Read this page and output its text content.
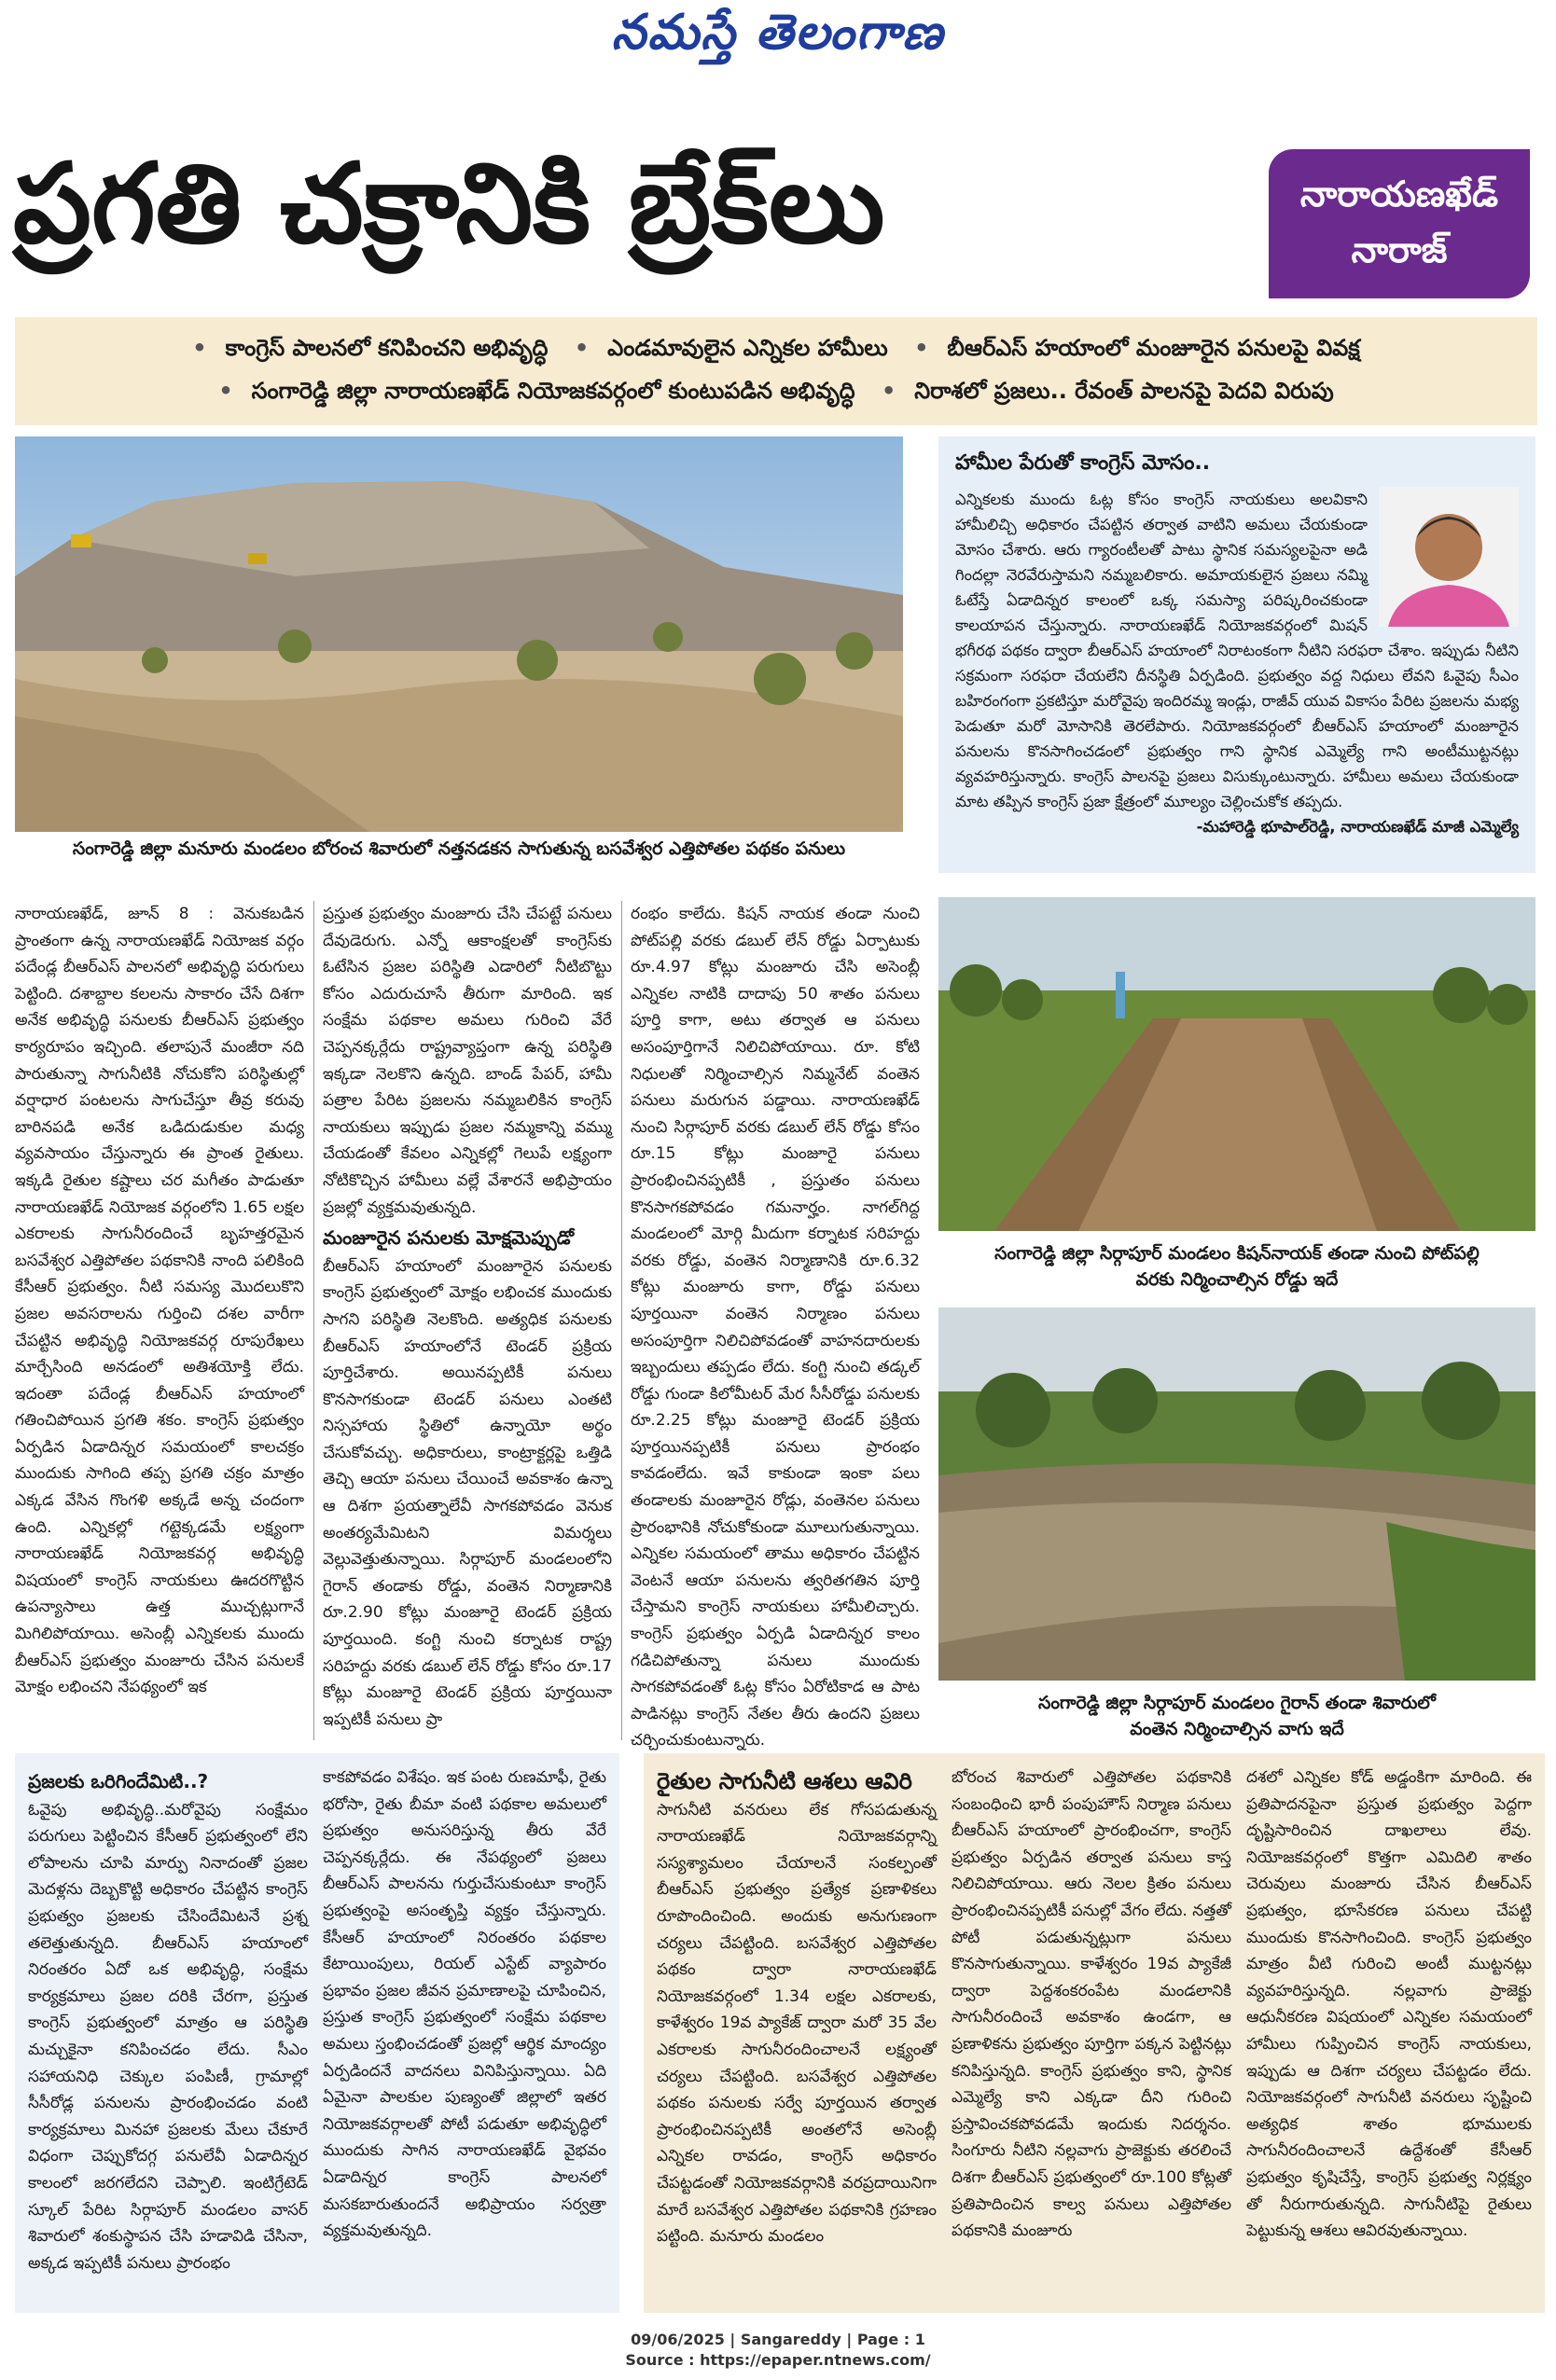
నమస్తే తెలంగాణ
ప్రగతి చక్రానికి బ్రేక్‌లు	నారాయణఖేడ్
నారాజ్
• కాంగ్రెస్ పాలనలో కనిపించని అభివృద్ధి • ఎండమావులైన ఎన్నికల హామీలు • బీఆర్ఎస్ హయాంలో మంజూరైన పనులపై వివక్ష
• సంగారెడ్డి జిల్లా నారాయణఖేడ్ నియోజకవర్గంలో కుంటుపడిన అభివృద్ధి • నిరాశలో ప్రజలు.. రేవంత్ పాలనపై పెదవి విరుపు
సంగారెడ్డి జిల్లా మనూరు మండలం బోరంచ శివారులో నత్తనడకన సాగుతున్న బసవేశ్వర ఎత్తిపోతల పథకం పనులు
హామీల పేరుతో కాంగ్రెస్ మోసం..
ఎన్నికలకు ముందు ఓట్ల కోసం కాంగ్రెస్ నాయకులు అలవికాని హామీలిచ్చి అధికారం చేపట్టిన తర్వాత వాటిని అమలు చేయకుండా మోసం చేశారు. ఆరు గ్యారంటీలతో పాటు స్థానిక సమస్యలపైనా అడి గిందల్లా నెరవేరుస్తామని నమ్మబలికారు. అమాయకులైన ప్రజలు నమ్మి ఓటేస్తే ఏడాదిన్నర కాలంలో ఒక్క సమస్యా పరిష్కరించకుండా కాలయాపన చేస్తున్నారు. నారాయణఖేడ్ నియోజకవర్గంలో మిషన్ భగీరథ పథకం ద్వారా బీఆర్ఎస్ హయాంలో నిరాటంకంగా నీటిని సరఫరా చేశాం. ఇప్పుడు నీటిని సక్రమంగా సరఫరా చేయలేని దీనస్థితి ఏర్పడింది. ప్రభుత్వం వద్ద నిధులు లేవని ఓవైపు సీఎం బహిరంగంగా ప్రకటిస్తూ మరోవైపు ఇందిరమ్మ ఇండ్లు, రాజీవ్ యువ వికాసం పేరిట ప్రజలను మభ్య పెడుతూ మరో మోసానికి తెరలేపారు. నియోజకవర్గంలో బీఆర్ఎస్ హయాంలో మంజూరైన పనులను కొనసాగించడంలో ప్రభుత్వం గాని స్థానిక ఎమ్మెల్యే గాని అంటీముట్టనట్లు వ్యవహరిస్తున్నారు. కాంగ్రెస్ పాలనపై ప్రజలు విసుక్కుంటున్నారు. హామీలు అమలు చేయకుండా మాట తప్పిన కాంగ్రెస్ ప్రజా క్షేత్రంలో మూల్యం చెల్లించుకోక తప్పదు.
-మహారెడ్డి భూపాల్‌రెడ్డి, నారాయణఖేడ్ మాజీ ఎమ్మెల్యే

నారాయణఖేడ్, జూన్ 8 : వెనుకబడిన ప్రాంతంగా ఉన్న నారాయణఖేడ్ నియోజక వర్గం పదేండ్ల బీఆర్ఎస్ పాలనలో అభివృద్ధి పరుగులు పెట్టింది. దశాబ్దాల కలలను సాకారం చేసే దిశగా అనేక అభివృద్ధి పనులకు బీఆర్ఎస్ ప్రభుత్వం కార్యరూపం ఇచ్చింది. తలాపునే మంజీరా నది పారుతున్నా సాగునీటికి నోచుకోని పరిస్థితుల్లో వర్షాధార పంటలను సాగుచేస్తూ తీవ్ర కరువు బారినపడి అనేక ఒడిదుడుకుల మధ్య వ్యవసాయం చేస్తున్నారు ఈ ప్రాంత రైతులు. ఇక్కడి రైతుల కష్టాలు చర మగీతం పాడుతూ నారాయణఖేడ్ నియోజక వర్గంలోని 1.65 లక్షల ఎకరాలకు సాగునీరందించే బృహత్తరమైన బసవేశ్వర ఎత్తిపోతల పథకానికి నాంది పలికింది కేసీఆర్ ప్రభుత్వం. నీటి సమస్య మొదలుకొని ప్రజల అవసరాలను గుర్తించి దశల వారీగా చేపట్టిన అభివృద్ధి నియోజకవర్గ రూపురేఖలు మార్చేసింది అనడంలో అతిశయోక్తి లేదు. ఇదంతా పదేండ్ల బీఆర్ఎస్ హయాంలో గతించిపోయిన ప్రగతి శకం. కాంగ్రెస్ ప్రభుత్వం ఏర్పడిన ఏడాదిన్నర సమయంలో కాలచక్రం ముందుకు సాగింది తప్ప ప్రగతి చక్రం మాత్రం ఎక్కడ వేసిన గొంగళి అక్కడే అన్న చందంగా ఉంది. ఎన్నికల్లో గట్టెక్కడమే లక్ష్యంగా నారాయణఖేడ్ నియోజకవర్గ అభివృద్ధి విషయంలో కాంగ్రెస్ నాయకులు ఊదరగొట్టిన ఉపన్యాసాలు ఉత్త ముచ్చట్లుగానే మిగిలిపోయాయి. అసెంబ్లీ ఎన్నికలకు ముందు బీఆర్ఎస్ ప్రభుత్వం మంజూరు చేసిన పనులకే మోక్షం లభించని నేపథ్యంలో ఇక

ప్రస్తుత ప్రభుత్వం మంజూరు చేసి చేపట్టే పనులు దేవుడెరుగు. ఎన్నో ఆకాంక్షలతో కాంగ్రెస్‌కు ఓటేసిన ప్రజల పరిస్థితి ఎడారిలో నీటిబొట్టు కోసం ఎదురుచూసే తీరుగా మారింది. ఇక సంక్షేమ పథకాల అమలు గురించి వేరే చెప్పనక్కర్లేదు రాష్ట్రవ్యాప్తంగా ఉన్న పరిస్థితి ఇక్కడా నెలకొని ఉన్నది. బాండ్ పేపర్, హామీ పత్రాల పేరిట ప్రజలను నమ్మబలికిన కాంగ్రెస్ నాయకులు ఇప్పుడు ప్రజల నమ్మకాన్ని వమ్ము చేయడంతో కేవలం ఎన్నికల్లో గెలుపే లక్ష్యంగా నోటికొచ్చిన హామీలు వల్లే వేశారనే అభిప్రాయం ప్రజల్లో వ్యక్తమవుతున్నది.

మంజూరైన పనులకు మోక్షమెప్పుడో

బీఆర్ఎస్ హయాంలో మంజూరైన పనులకు కాంగ్రెస్ ప్రభుత్వంలో మోక్షం లభించక ముందుకు సాగని పరిస్థితి నెలకొంది. అత్యధిక పనులకు బీఆర్ఎస్ హయాంలోనే టెండర్ ప్రక్రియ పూర్తిచేశారు. అయినప్పటికీ పనులు కొనసాగకుండా టెండర్ పనులు ఎంతటి నిస్సహాయ స్థితిలో ఉన్నాయో అర్థం చేసుకోవచ్చు. అధికారులు, కాంట్రాక్టర్లపై ఒత్తిడి తెచ్చి ఆయా పనులు చేయించే అవకాశం ఉన్నా ఆ దిశగా ప్రయత్నాలేవీ సాగకపోవడం వెనుక అంతర్యమేమిటని విమర్శలు వెల్లువెత్తుతున్నాయి. సిర్గాపూర్ మండలంలోని గైరాన్ తండాకు రోడ్డు, వంతెన నిర్మాణానికి రూ.2.90 కోట్లు మంజూరై టెండర్ ప్రక్రియ పూర్తయింది. కంగ్టి నుంచి కర్నాటక రాష్ట్ర సరిహద్దు వరకు డబుల్ లేన్ రోడ్డు కోసం రూ.17 కోట్లు మంజూరై టెండర్ ప్రక్రియ పూర్తయినా ఇప్పటికీ పనులు ప్రా

రంభం కాలేదు. కిషన్ నాయక తండా నుంచి పోట్‌పల్లి వరకు డబుల్ లేన్ రోడ్డు ఏర్పాటుకు రూ.4.97 కోట్లు మంజూరు చేసి అసెంబ్లీ ఎన్నికల నాటికి దాదాపు 50 శాతం పనులు పూర్తి కాగా, అటు తర్వాత ఆ పనులు అసంపూర్తిగానే నిలిచిపోయాయి. రూ. కోటి నిధులతో నిర్మించాల్సిన నిమ్మనేట్ వంతెన పనులు మరుగున పడ్డాయి. నారాయణఖేడ్ నుంచి సిర్గాపూర్ వరకు డబుల్ లేన్ రోడ్డు కోసం రూ.15 కోట్లు మంజూరై పనులు ప్రారంభించినప్పటికీ , ప్రస్తుతం పనులు కొనసాగకపోవడం గమనార్హం. నాగల్‌గిద్ద మండలంలో మోర్గి మీదుగా కర్నాటక సరిహద్దు వరకు రోడ్డు, వంతెన నిర్మాణానికి రూ.6.32 కోట్లు మంజూరు కాగా, రోడ్డు పనులు పూర్తయినా వంతెన నిర్మాణం పనులు అసంపూర్తిగా నిలిచిపోవడంతో వాహనదారులకు ఇబ్బందులు తప్పడం లేదు. కంగ్టి నుంచి తడ్కల్ రోడ్డు గుండా కిలోమీటర్ మేర సీసీరోడ్డు పనులకు రూ.2.25 కోట్లు మంజూరై టెండర్ ప్రక్రియ పూర్తయినప్పటికీ పనులు ప్రారంభం కావడంలేదు. ఇవే కాకుండా ఇంకా పలు తండాలకు మంజూరైన రోడ్లు, వంతెనల పనులు ప్రారంభానికి నోచుకోకుండా మూలుగుతున్నాయి. ఎన్నికల సమయంలో తాము అధికారం చేపట్టిన వెంటనే ఆయా పనులను త్వరితగతిన పూర్తి చేస్తామని కాంగ్రెస్ నాయకులు హామీలిచ్చారు. కాంగ్రెస్ ప్రభుత్వం ఏర్పడి ఏడాదిన్నర కాలం గడిచిపోతున్నా పనులు ముందుకు సాగకపోవడంతో ఓట్ల కోసం ఏరోటికాడ ఆ పాట పాడినట్లు కాంగ్రెస్ నేతల తీరు ఉందని ప్రజలు చర్చించుకుంటున్నారు.

సంగారెడ్డి జిల్లా సిర్గాపూర్ మండలం కిషన్‌నాయక్ తండా నుంచి పోట్‌పల్లి
వరకు నిర్మించాల్సిన రోడ్డు ఇదే
సంగారెడ్డి జిల్లా సిర్గాపూర్ మండలం గైరాన్ తండా శివారులో
వంతెన నిర్మించాల్సిన వాగు ఇదే
ప్రజలకు ఒరిగిందేమిటి..?

ఓవైపు అభివృద్ధి..మరోవైపు సంక్షేమం పరుగులు పెట్టించిన కేసీఆర్ ప్రభుత్వంలో లేని లోపాలను చూపి మార్పు నినాదంతో ప్రజల మెదళ్లను దెబ్బకొట్టి అధికారం చేపట్టిన కాంగ్రెస్ ప్రభుత్వం ప్రజలకు చేసిందేమిటనే ప్రశ్న తలెత్తుతున్నది. బీఆర్ఎస్ హయాంలో నిరంతరం ఏదో ఒక అభివృద్ధి, సంక్షేమ కార్యక్రమాలు ప్రజల దరికి చేరగా, ప్రస్తుత కాంగ్రెస్ ప్రభుత్వంలో మాత్రం ఆ పరిస్థితి మచ్చుకైనా కనిపించడం లేదు. సీఎం సహాయనిధి చెక్కుల పంపిణీ, గ్రామాల్లో సీసీరోడ్ల పనులను ప్రారంభించడం వంటి కార్యక్రమాలు మినహా ప్రజలకు మేలు చేకూరే విధంగా చెప్పుకోదగ్గ పనులేవీ ఏడాదిన్నర కాలంలో జరగలేదని చెప్పాలి. ఇంటిగ్రేటెడ్ స్కూల్ పేరిట సిర్గాపూర్ మండలం వాసర్ శివారులో శంకుస్థాపన చేసి హడావిడి చేసినా, అక్కడ ఇప్పటికీ పనులు ప్రారంభం

కాకపోవడం విశేషం. ఇక పంట రుణమాఫీ, రైతు భరోసా, రైతు బీమా వంటి పథకాల అమలులో ప్రభుత్వం అనుసరిస్తున్న తీరు వేరే చెప్పనక్కర్లేదు. ఈ నేపథ్యంలో ప్రజలు బీఆర్ఎస్ పాలనను గుర్తుచేసుకుంటూ కాంగ్రెస్ ప్రభుత్వంపై అసంతృప్తి వ్యక్తం చేస్తున్నారు. కేసీఆర్ హయాంలో నిరంతరం పథకాల కేటాయింపులు, రియల్ ఎస్టేట్ వ్యాపారం ప్రభావం ప్రజల జీవన ప్రమాణాలపై చూపించిన, ప్రస్తుత కాంగ్రెస్ ప్రభుత్వంలో సంక్షేమ పథకాల అమలు స్తంభించడంతో ప్రజల్లో ఆర్థిక మాంద్యం ఏర్పడిందనే వాదనలు వినిపిస్తున్నాయి. ఏది ఏమైనా పాలకుల పుణ్యంతో జిల్లాలో ఇతర నియోజకవర్గాలతో పోటీ పడుతూ అభివృద్ధిలో ముందుకు సాగిన నారాయణఖేడ్ వైభవం ఏడాదిన్నర కాంగ్రెస్ పాలనలో మసకబారుతుందనే అభిప్రాయం సర్వత్రా వ్యక్తమవుతున్నది.

రైతుల సాగునీటి ఆశలు ఆవిరి

సాగునీటి వనరులు లేక గోసపడుతున్న నారాయణఖేడ్ నియోజకవర్గాన్ని సస్యశ్యామలం చేయాలనే సంకల్పంతో బీఆర్ఎస్ ప్రభుత్వం ప్రత్యేక ప్రణాళికలు రూపొందించింది. అందుకు అనుగుణంగా చర్యలు చేపట్టింది. బసవేశ్వర ఎత్తిపోతల పథకం ద్వారా నారాయణఖేడ్ నియోజకవర్గంలో 1.34 లక్షల ఎకరాలకు, కాళేశ్వరం 19వ ప్యాకేజ్ ద్వారా మరో 35 వేల ఎకరాలకు సాగునీరందించాలనే లక్ష్యంతో చర్యలు చేపట్టింది. బసవేశ్వర ఎత్తిపోతల పథకం పనులకు సర్వే పూర్తయిన తర్వాత ప్రారంభించినప్పటికీ అంతలోనే అసెంబ్లీ ఎన్నికల రావడం, కాంగ్రెస్ అధికారం చేపట్టడంతో నియోజకవర్గానికి వరప్రదాయినిగా మారే బసవేశ్వర ఎత్తిపోతల పథకానికి గ్రహణం పట్టింది. మనూరు మండలం

బోరంచ శివారులో ఎత్తిపోతల పథకానికి సంబంధించి భారీ పంపుహౌస్ నిర్మాణ పనులు బీఆర్ఎస్ హయాంలో ప్రారంభించగా, కాంగ్రెస్ ప్రభుత్వం ఏర్పడిన తర్వాత పనులు కాస్త నిలిచిపోయాయి. ఆరు నెలల క్రితం పనులు ప్రారంభించినప్పటికీ పనుల్లో వేగం లేదు. నత్తతో పోటీ పడుతున్నట్లుగా పనులు కొనసాగుతున్నాయి. కాళేశ్వరం 19వ ప్యాకేజీ ద్వారా పెద్దశంకరంపేట మండలానికి సాగునీరందించే అవకాశం ఉండగా, ఆ ప్రణాళికను ప్రభుత్వం పూర్తిగా పక్కన పెట్టినట్లు కనిపిస్తున్నది. కాంగ్రెస్ ప్రభుత్వం కాని, స్థానిక ఎమ్మెల్యే కాని ఎక్కడా దీని గురించి ప్రస్తావించకపోవడమే ఇందుకు నిదర్శనం. సింగూరు నీటిని నల్లవాగు ప్రాజెక్టుకు తరలించే దిశగా బీఆర్ఎస్ ప్రభుత్వంలో రూ.100 కోట్లతో ప్రతిపాదించిన కాల్వ పనులు ఎత్తిపోతల పథకానికి మంజూరు

దశలో ఎన్నికల కోడ్ అడ్డంకిగా మారింది. ఈ ప్రతిపాదనపైనా ప్రస్తుత ప్రభుత్వం పెద్దగా దృష్టిసారించిన దాఖలాలు లేవు. నియోజకవర్గంలో కొత్తగా ఎమిదిలి శాతం చెరువులు మంజూరు చేసిన బీఆర్ఎస్ ప్రభుత్వం, భూసేకరణ పనులు చేపట్టి ముందుకు కొనసాగించింది. కాంగ్రెస్ ప్రభుత్వం మాత్రం వీటి గురించి అంటీ ముట్టనట్లు వ్యవహరిస్తున్నది. నల్లవాగు ప్రాజెక్టు ఆధునీకరణ విషయంలో ఎన్నికల సమయంలో హామీలు గుప్పించిన కాంగ్రెస్ నాయకులు, ఇప్పుడు ఆ దిశగా చర్యలు చేపట్టడం లేదు. నియోజకవర్గంలో సాగునీటి వనరులు సృష్టించి అత్యధిక శాతం భూములకు సాగునీరందించాలనే ఉద్దేశంతో కేసీఆర్ ప్రభుత్వం కృషిచేస్తే, కాంగ్రెస్ ప్రభుత్వ నిర్లక్ష్యం తో నీరుగారుతున్నది. సాగునీటిపై రైతులు పెట్టుకున్న ఆశలు ఆవిరవుతున్నాయి.

09/06/2025 | Sangareddy | Page : 1
Source : https://epaper.ntnews.com/
